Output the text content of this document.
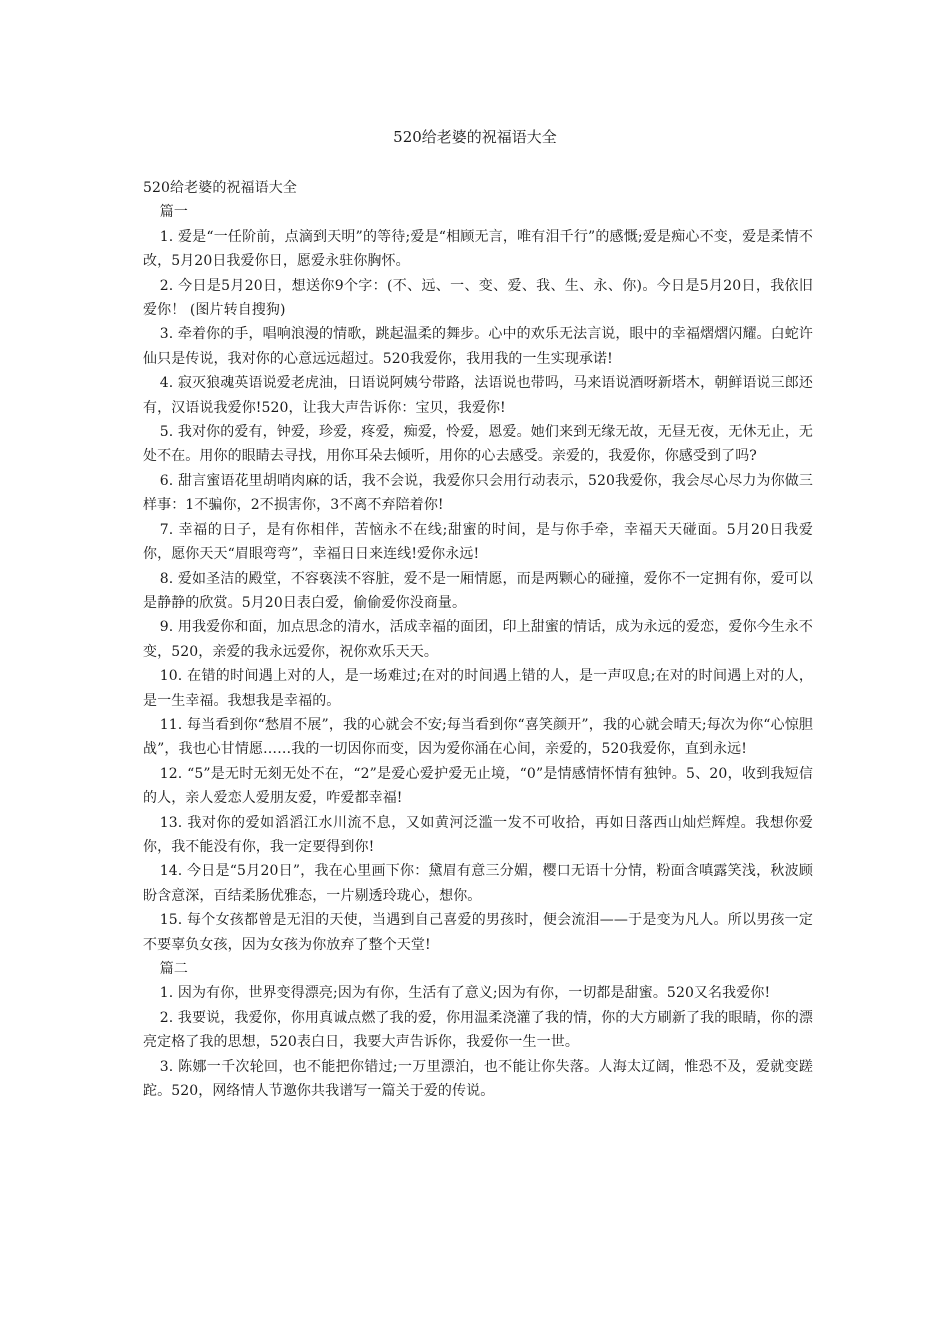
520给老婆的祝福语大全

520给老婆的祝福语大全

篇一

1. 爱是“一任阶前，点滴到天明”的等待;爱是“相顾无言，唯有泪千行”的感慨;爱是痴心不变，爱是柔情不改，5月20日我爱你日，愿爱永驻你胸怀。

2. 今日是5月20日，想送你9个字：(不、远、一、变、爱、我、生、永、你)。今日是5月20日，我依旧爱你！ (图片转自搜狗)

3. 牵着你的手，唱响浪漫的情歌，跳起温柔的舞步。心中的欢乐无法言说，眼中的幸福熠熠闪耀。白蛇许仙只是传说，我对你的心意远远超过。520我爱你，我用我的一生实现承诺!

4. 寂灭狼魂英语说爱老虎油，日语说阿姨兮带路，法语说也带吗，马来语说酒呀新塔木，朝鲜语说三郎还有，汉语说我爱你!520，让我大声告诉你：宝贝，我爱你!

5. 我对你的爱有，钟爱，珍爱，疼爱，痴爱，怜爱，恩爱。她们来到无缘无故，无昼无夜，无休无止，无处不在。用你的眼睛去寻找，用你耳朵去倾听，用你的心去感受。亲爱的，我爱你，你感受到了吗?

6. 甜言蜜语花里胡哨肉麻的话，我不会说，我爱你只会用行动表示，520我爱你，我会尽心尽力为你做三样事：1不骗你，2不损害你，3不离不弃陪着你!

7. 幸福的日子，是有你相伴，苦恼永不在线;甜蜜的时间，是与你手牵，幸福天天碰面。5月20日我爱你，愿你天天“眉眼弯弯”，幸福日日来连线!爱你永远!

8. 爱如圣洁的殿堂，不容亵渎不容脏，爱不是一厢情愿，而是两颗心的碰撞，爱你不一定拥有你，爱可以是静静的欣赏。5月20日表白爱，偷偷爱你没商量。

9. 用我爱你和面，加点思念的清水，活成幸福的面团，印上甜蜜的情话，成为永远的爱恋，爱你今生永不变，520，亲爱的我永远爱你，祝你欢乐天天。

10. 在错的时间遇上对的人，是一场难过;在对的时间遇上错的人，是一声叹息;在对的时间遇上对的人，是一生幸福。我想我是幸福的。

11. 每当看到你“愁眉不展”，我的心就会不安;每当看到你“喜笑颜开”，我的心就会晴天;每次为你“心惊胆战”，我也心甘情愿……我的一切因你而变，因为爱你涌在心间，亲爱的，520我爱你，直到永远!

12. “5”是无时无刻无处不在，“2”是爱心爱护爱无止境，“0”是情感情怀情有独钟。5、20，收到我短信的人，亲人爱恋人爱朋友爱，咋爱都幸福!

13. 我对你的爱如滔滔江水川流不息，又如黄河泛滥一发不可收拾，再如日落西山灿烂辉煌。我想你爱你，我不能没有你，我一定要得到你!

14. 今日是“5月20日”，我在心里画下你：黛眉有意三分媚，樱口无语十分情，粉面含嗔露笑浅，秋波顾盼含意深，百结柔肠优雅态，一片剔透玲珑心，想你。

15. 每个女孩都曾是无泪的天使，当遇到自己喜爱的男孩时，便会流泪——于是变为凡人。所以男孩一定不要辜负女孩，因为女孩为你放弃了整个天堂!

篇二

1. 因为有你，世界变得漂亮;因为有你，生活有了意义;因为有你，一切都是甜蜜。520又名我爱你!

2. 我要说，我爱你，你用真诚点燃了我的爱，你用温柔浇灌了我的情，你的大方刷新了我的眼睛，你的漂亮定格了我的思想，520表白日，我要大声告诉你，我爱你一生一世。

3. 陈娜一千次轮回，也不能把你错过;一万里漂泊，也不能让你失落。人海太辽阔，惟恐不及，爱就变蹉跎。520，网络情人节邀你共我谱写一篇关于爱的传说。
